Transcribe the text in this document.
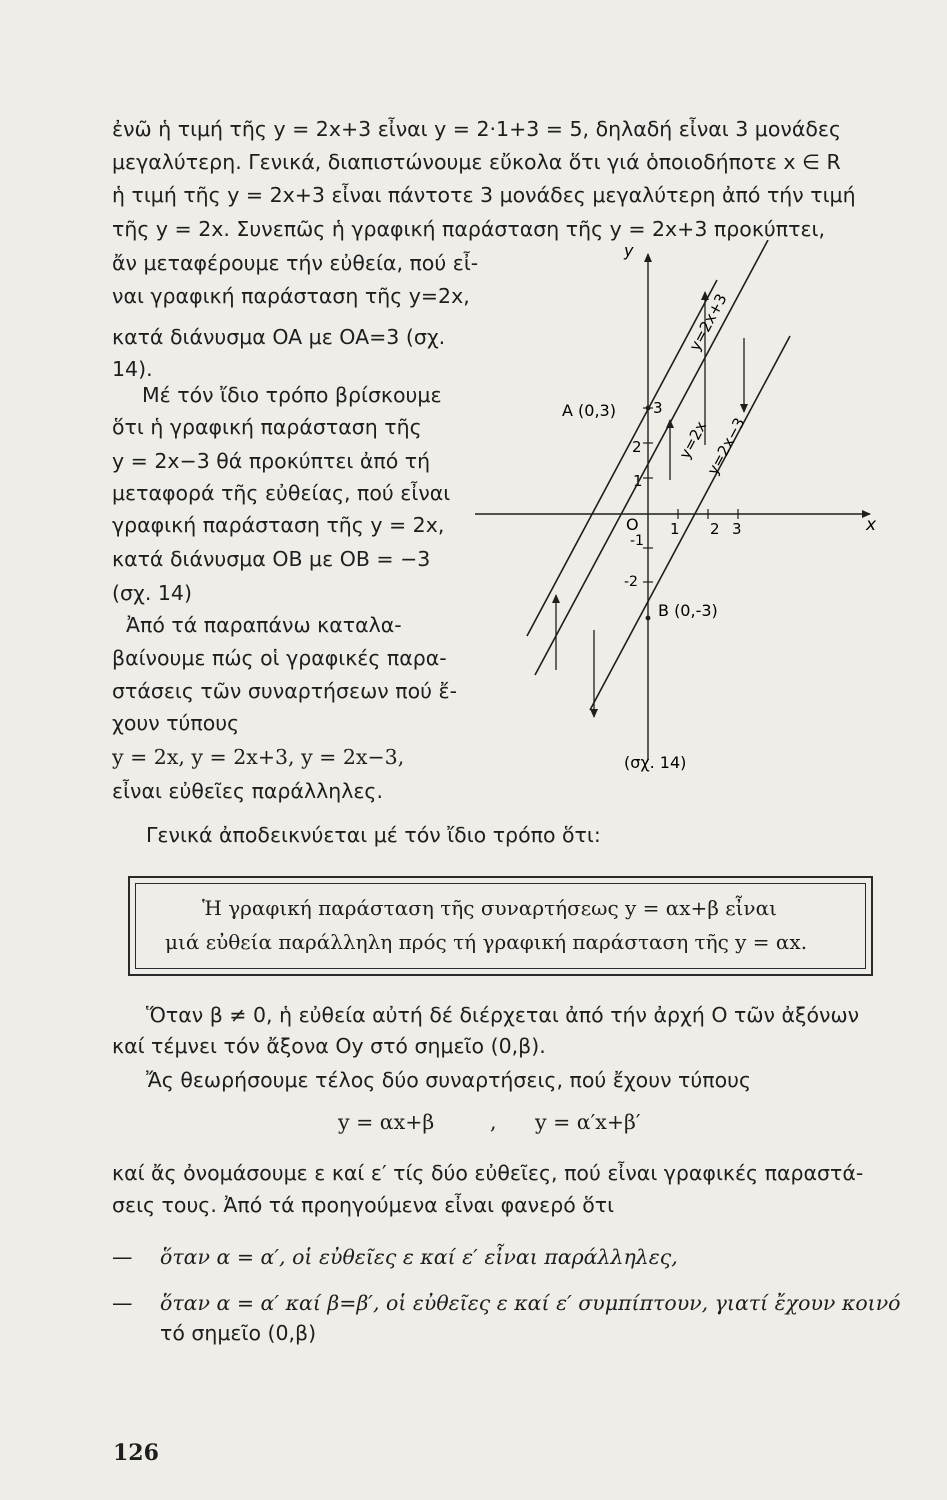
ἐνῶ ἡ τιμή τῆς y = 2x+3 εἶναι y = 2·1+3 = 5, δηλαδή εἶναι 3 μονάδες
μεγαλύτερη. Γενικά, διαπιστώνουμε εὔκολα ὅτι γιά ὁποιοδήποτε x ∈ R
ἡ τιμή τῆς y = 2x+3 εἶναι πάντοτε 3 μονάδες μεγαλύτερη ἀπό τήν τιμή
τῆς y = 2x. Συνεπῶς ἡ γραφική παράσταση τῆς y = 2x+3 προκύπτει,
ἄν μεταφέρουμε τήν εὐθεία, πού εἶ-
ναι γραφική παράσταση τῆς y=2x,
κατά διάνυσμα OA με OA=3 (σχ.
14).
Μέ τόν ἴδιο τρόπο βρίσκουμε
ὅτι ἡ γραφική παράσταση τῆς
y = 2x−3 θά προκύπτει ἀπό τή
μεταφορά τῆς εὐθείας, πού εἶναι
γραφική παράσταση τῆς y = 2x,
κατά διάνυσμα OB με OB = −3
(σχ. 14)
Ἀπό τά παραπάνω καταλα-
βαίνουμε πώς οἱ γραφικές παρα-
στάσεις τῶν συναρτήσεων πού ἔ-
χουν τύπους
y = 2x, y = 2x+3, y = 2x−3,
εἶναι εὐθεῖες παράλληλες.
x
y
1 2 3
3
2
1
-1
-2
O
A (0,3)
B (0,-3)
y=2x+3
y=2x
y=2x−3
(σχ. 14)
Γενικά ἀποδεικνύεται μέ τόν ἴδιο τρόπο ὅτι:
Ἡ γραφική παράσταση τῆς συναρτήσεως y = αx+β εἶναι
μιά εὐθεία παράλληλη πρός τή γραφική παράσταση τῆς y = αx.
Ὅταν β ≠ 0, ἡ εὐθεία αὐτή δέ διέρχεται ἀπό τήν ἀρχή O τῶν ἀξόνων
καί τέμνει τόν ἄξονα Oy στό σημεῖο (0,β).
Ἄς θεωρήσουμε τέλος δύο συναρτήσεις, πού ἔχουν τύπους
y = αx+β	, y = α′x+β′
καί ἄς ὀνομάσουμε ε καί ε′ τίς δύο εὐθεῖες, πού εἶναι γραφικές παραστά-
σεις τους. Ἀπό τά προηγούμενα εἶναι φανερό ὅτι
— ὅταν α = α′, οἱ εὐθεῖες ε καί ε′ εἶναι παράλληλες,
— ὅταν α = α′ καί β=β′, οἱ εὐθεῖες ε καί ε′ συμπίπτουν, γιατί ἔχουν κοινό
τό σημεῖο (0,β)
126
